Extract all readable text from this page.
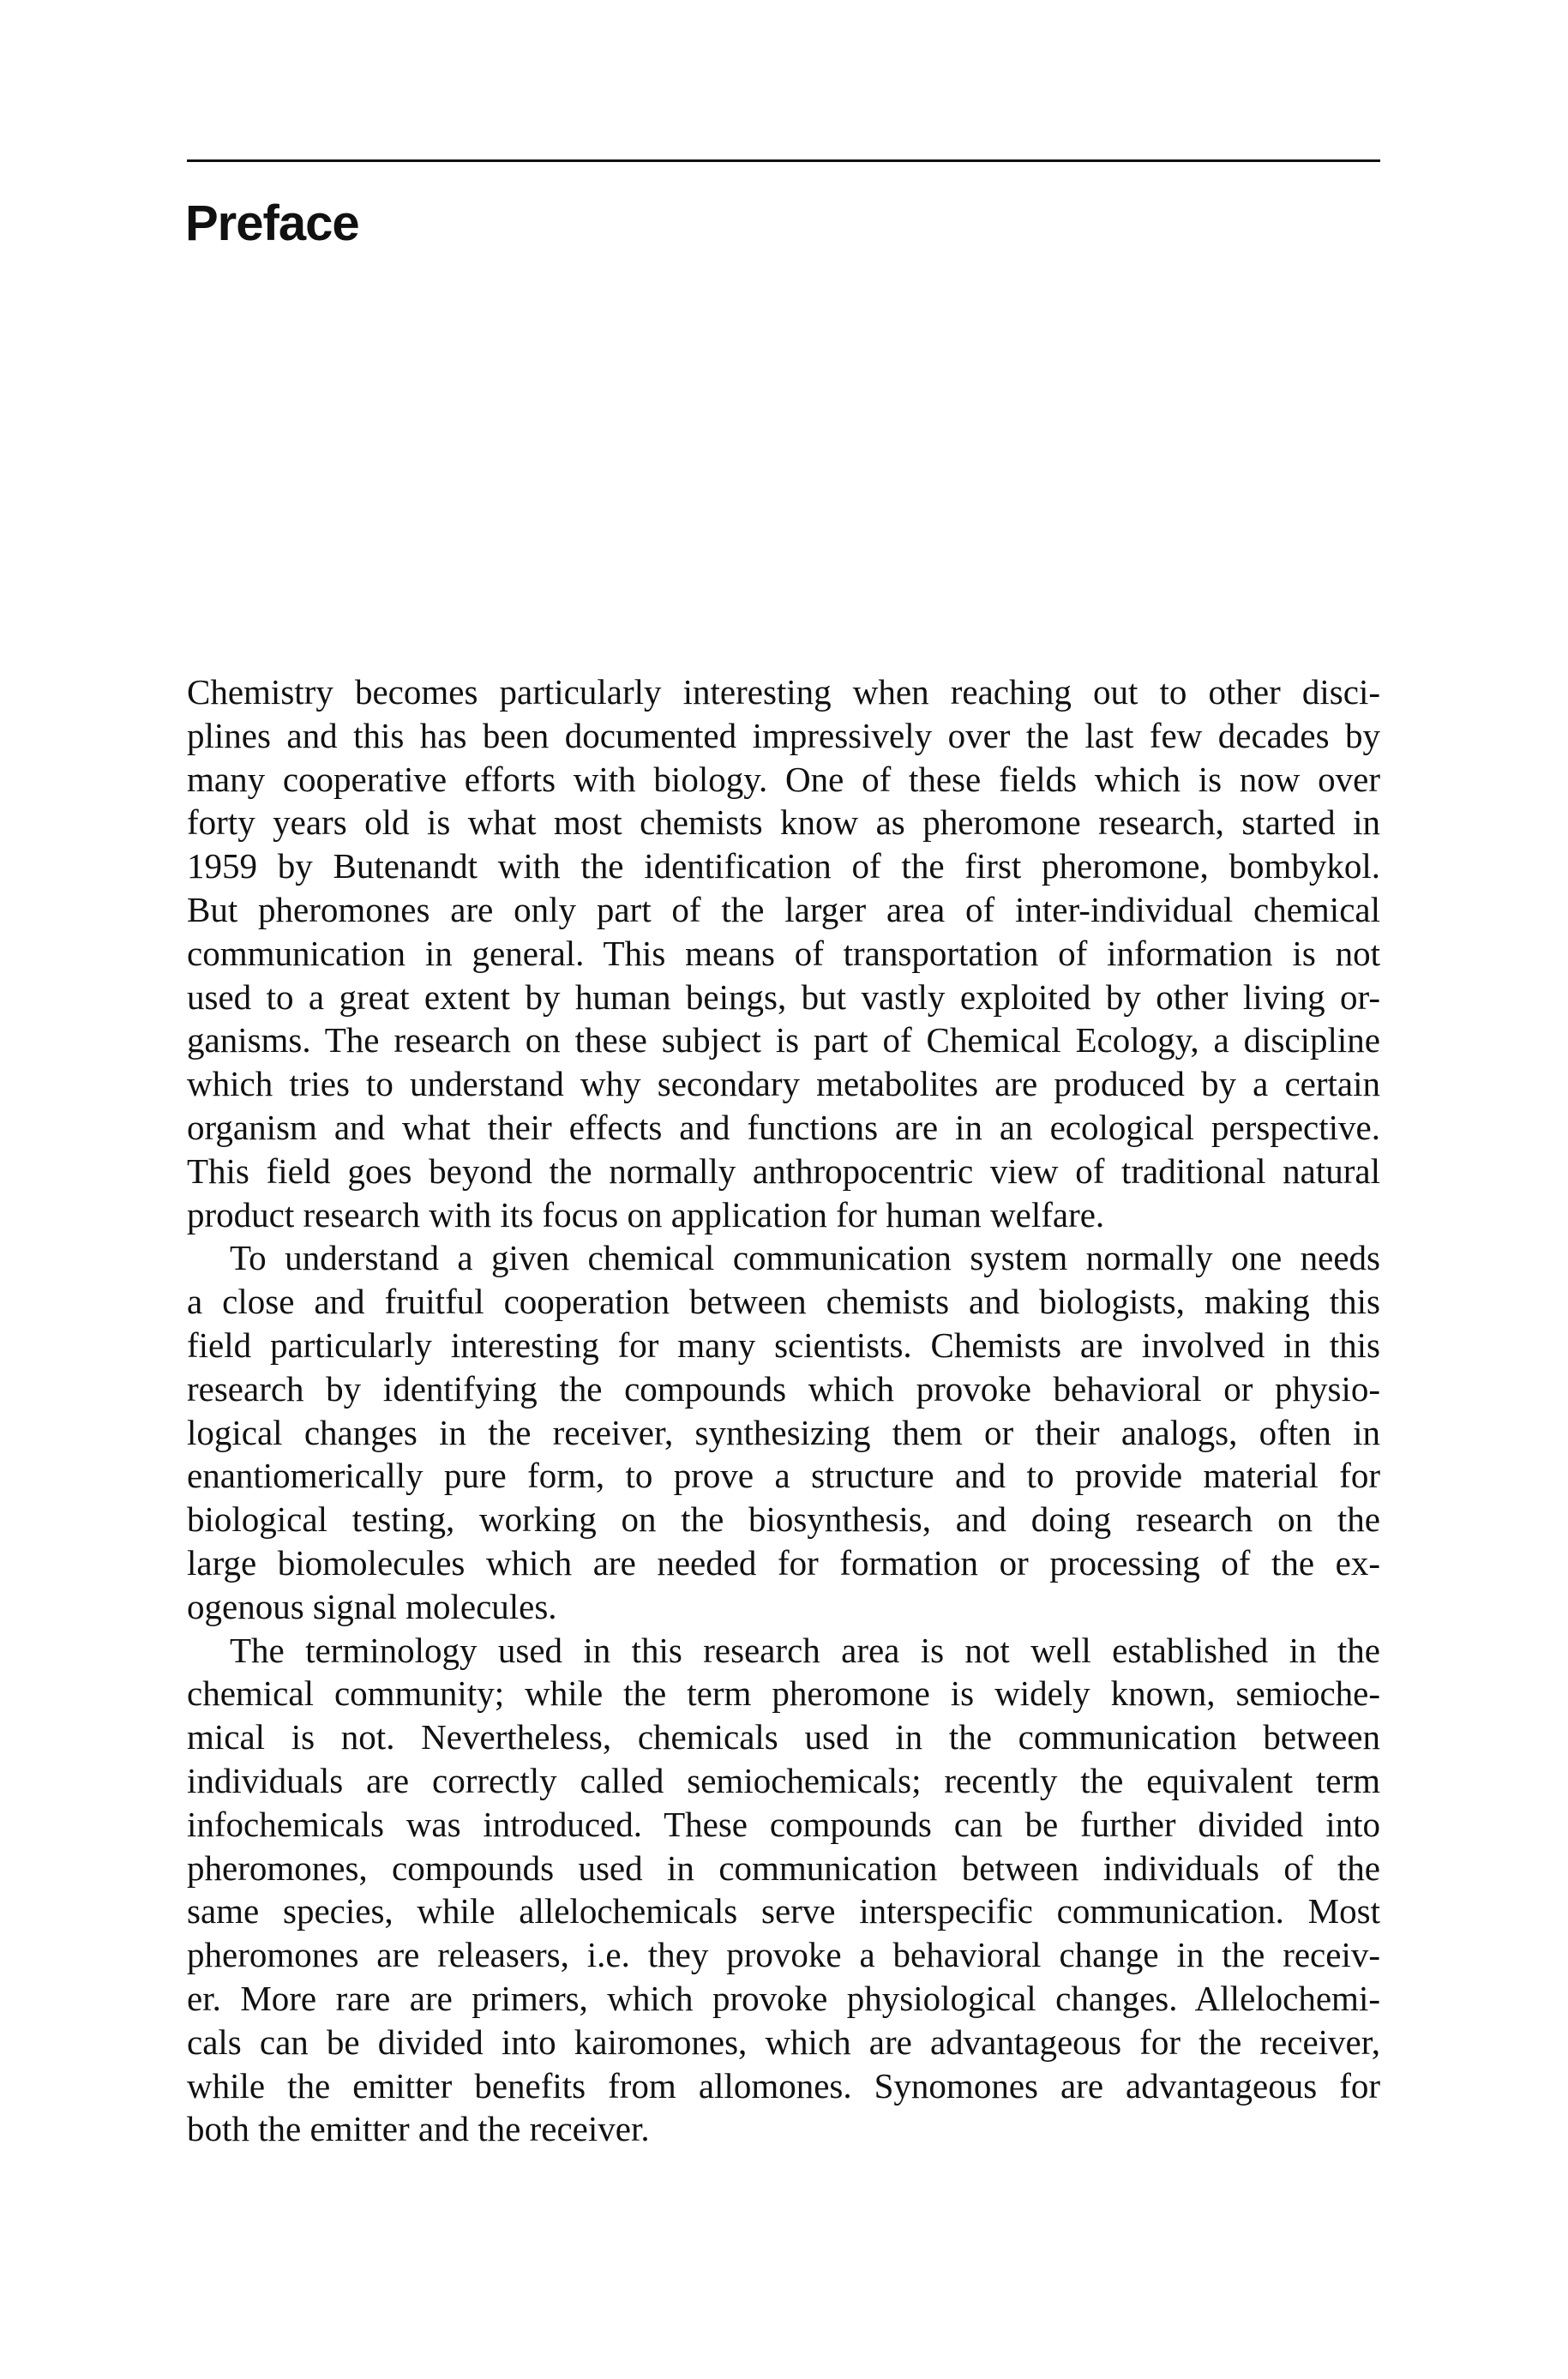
Preface

Chemistry becomes particularly interesting when reaching out to other disci-
plines and this has been documented impressively over the last few decades by
many cooperative efforts with biology. One of these fields which is now over
forty years old is what most chemists know as pheromone research, started in
1959 by Butenandt with the identification of the first pheromone, bombykol.
But pheromones are only part of the larger area of inter-individual chemical
communication in general. This means of transportation of information is not
used to a great extent by human beings, but vastly exploited by other living or-
ganisms. The research on these subject is part of Chemical Ecology, a discipline
which tries to understand why secondary metabolites are produced by a certain
organism and what their effects and functions are in an ecological perspective.
This field goes beyond the normally anthropocentric view of traditional natural
product research with its focus on application for human welfare.

To understand a given chemical communication system normally one needs
a close and fruitful cooperation between chemists and biologists, making this
field particularly interesting for many scientists. Chemists are involved in this
research by identifying the compounds which provoke behavioral or physio-
logical changes in the receiver, synthesizing them or their analogs, often in
enantiomerically pure form, to prove a structure and to provide material for
biological testing, working on the biosynthesis, and doing research on the
large biomolecules which are needed for formation or processing of the ex-
ogenous signal molecules.

The terminology used in this research area is not well established in the
chemical community; while the term pheromone is widely known, semioche-
mical is not. Nevertheless, chemicals used in the communication between
individuals are correctly called semiochemicals; recently the equivalent term
infochemicals was introduced. These compounds can be further divided into
pheromones, compounds used in communication between individuals of the
same species, while allelochemicals serve interspecific communication. Most
pheromones are releasers, i.e. they provoke a behavioral change in the receiv-
er. More rare are primers, which provoke physiological changes. Allelochemi-
cals can be divided into kairomones, which are advantageous for the receiver,
while the emitter benefits from allomones. Synomones are advantageous for
both the emitter and the receiver.
